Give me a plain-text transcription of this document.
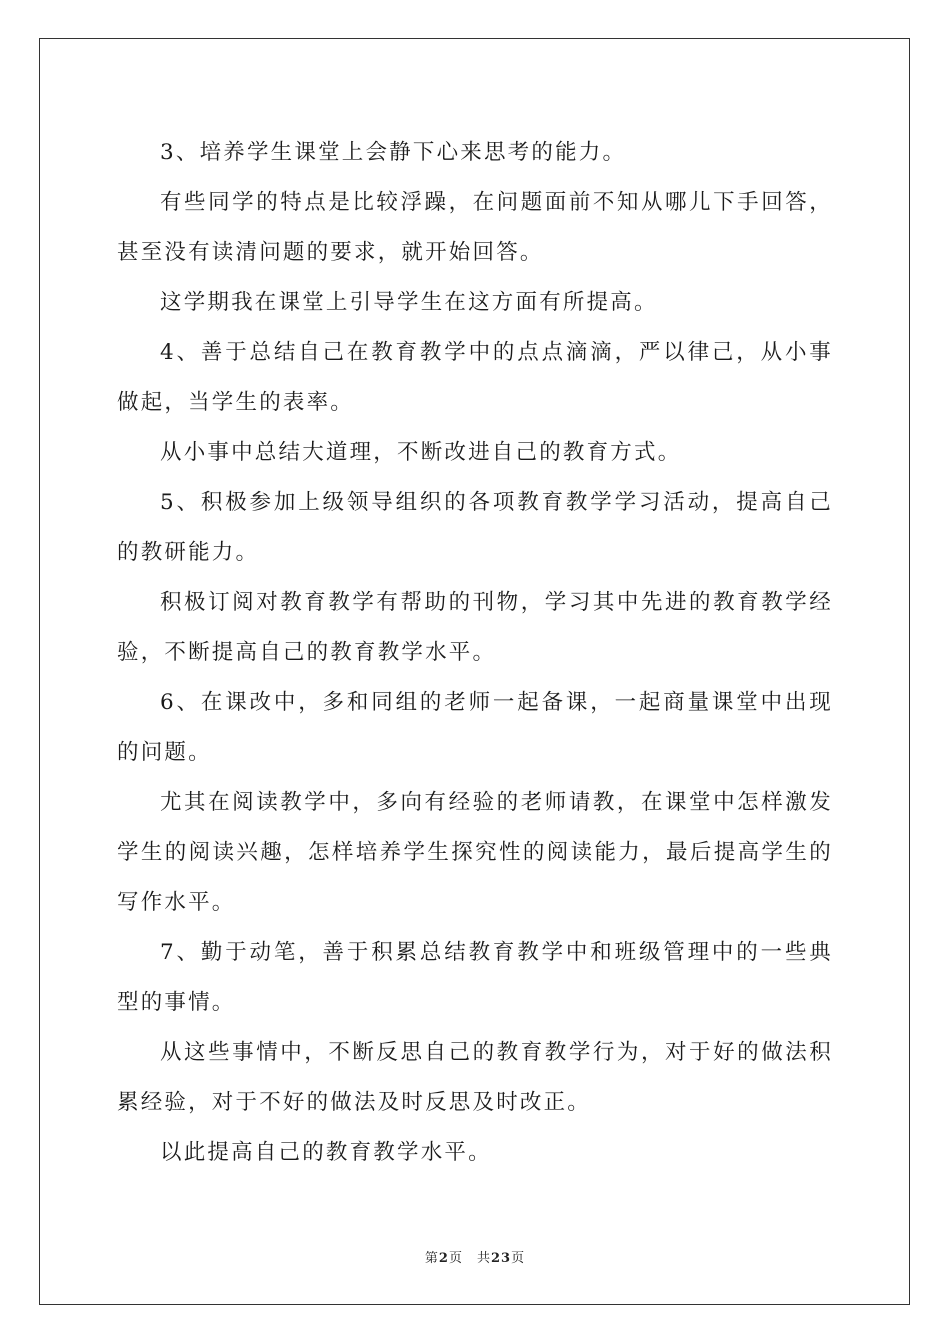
3、培养学生课堂上会静下心来思考的能力。

有些同学的特点是比较浮躁，在问题面前不知从哪儿下手回答，甚至没有读清问题的要求，就开始回答。

这学期我在课堂上引导学生在这方面有所提高。

4、善于总结自己在教育教学中的点点滴滴，严以律己，从小事做起，当学生的表率。

从小事中总结大道理，不断改进自己的教育方式。

5、积极参加上级领导组织的各项教育教学学习活动，提高自己的教研能力。

积极订阅对教育教学有帮助的刊物，学习其中先进的教育教学经验，不断提高自己的教育教学水平。

6、在课改中，多和同组的老师一起备课，一起商量课堂中出现的问题。

尤其在阅读教学中，多向有经验的老师请教，在课堂中怎样激发学生的阅读兴趣，怎样培养学生探究性的阅读能力，最后提高学生的写作水平。

7、勤于动笔，善于积累总结教育教学中和班级管理中的一些典型的事情。

从这些事情中，不断反思自己的教育教学行为，对于好的做法积累经验，对于不好的做法及时反思及时改正。

以此提高自己的教育教学水平。

第2页 共23页
